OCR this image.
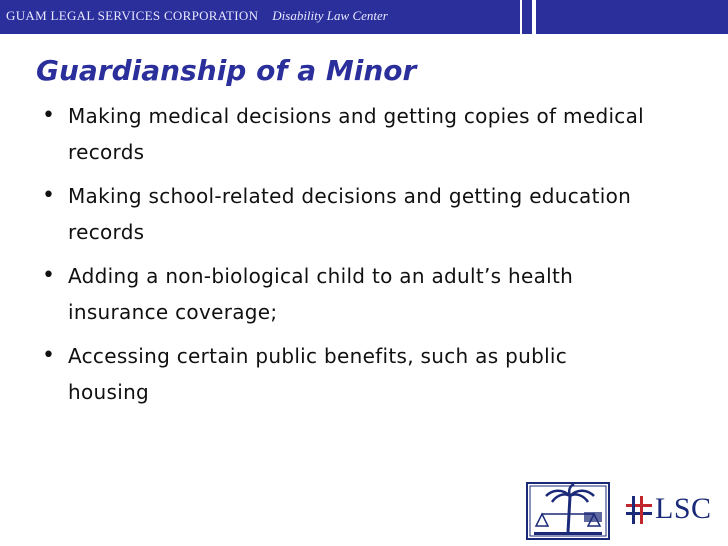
GUAM LEGAL SERVICES CORPORATION Disability Law Center
Guardianship of a Minor
• Making medical decisions and getting copies of medical records
• Making school-related decisions and getting education records
• Adding a non-biological child to an adult’s health insurance coverage;
• Accessing certain public benefits, such as public housing
LSC
